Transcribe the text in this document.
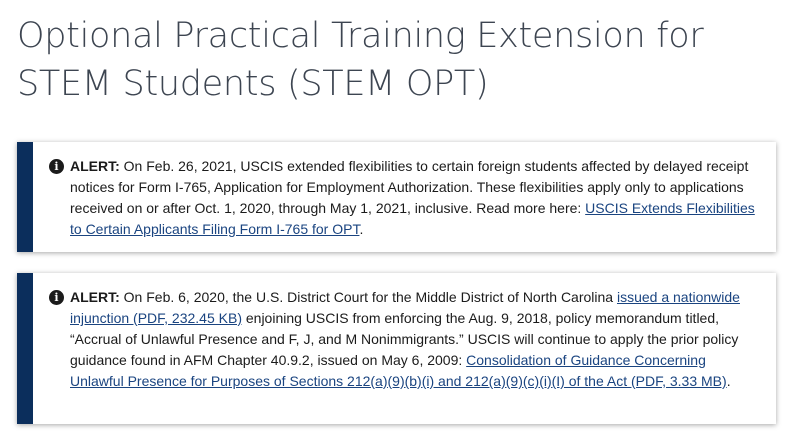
Optional Practical Training Extension for STEM Students (STEM OPT)
i ALERT: On Feb. 26, 2021, USCIS extended flexibilities to certain foreign students affected by delayed receipt notices for Form I-765, Application for Employment Authorization. These flexibilities apply only to applications received on or after Oct. 1, 2020, through May 1, 2021, inclusive. Read more here: USCIS Extends Flexibilities to Certain Applicants Filing Form I-765 for OPT.
i ALERT: On Feb. 6, 2020, the U.S. District Court for the Middle District of North Carolina issued a nationwide injunction (PDF, 232.45 KB) enjoining USCIS from enforcing the Aug. 9, 2018, policy memorandum titled, “Accrual of Unlawful Presence and F, J, and M Nonimmigrants.” USCIS will continue to apply the prior policy guidance found in AFM Chapter 40.9.2, issued on May 6, 2009: Consolidation of Guidance Concerning Unlawful Presence for Purposes of Sections 212(a)(9)(b)(i) and 212(a)(9)(c)(i)(I) of the Act (PDF, 3.33 MB).
